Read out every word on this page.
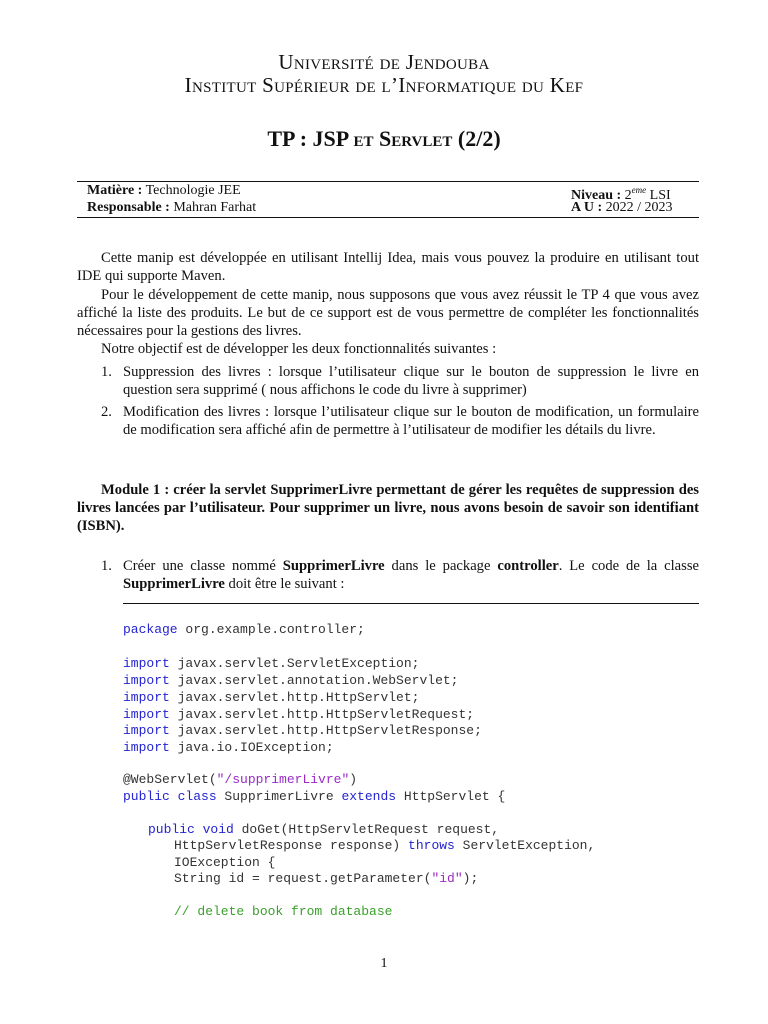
Université de Jendouba
Institut Supérieur de l’Informatique du Kef
TP : JSP et Servlet (2/2)
Matière : Technologie JEE	Niveau : 2eme LSI
Responsable : Mahran Farhat	A U : 2022 / 2023
Cette manip est développée en utilisant Intellij Idea, mais vous pouvez la produire en utilisant tout IDE qui supporte Maven.
Pour le développement de cette manip, nous supposons que vous avez réussit le TP 4 que vous avez affiché la liste des produits. Le but de ce support est de vous permettre de compléter les fonctionnalités nécessaires pour la gestions des livres.
Notre objectif est de développer les deux fonctionnalités suivantes :
1. Suppression des livres : lorsque l’utilisateur clique sur le bouton de suppression le livre en question sera supprimé ( nous affichons le code du livre à supprimer)
2. Modification des livres : lorsque l’utilisateur clique sur le bouton de modification, un formulaire de modification sera affiché afin de permettre à l’utilisateur de modifier les détails du livre.
Module 1 : créer la servlet SupprimerLivre permettant de gérer les requêtes de suppression des livres lancées par l’utilisateur. Pour supprimer un livre, nous avons besoin de savoir son identifiant (ISBN).
1. Créer une classe nommé SupprimerLivre dans le package controller. Le code de la classe SupprimerLivre doit être le suivant :
package org.example.controller;
import javax.servlet.ServletException;
import javax.servlet.annotation.WebServlet;
import javax.servlet.http.HttpServlet;
import javax.servlet.http.HttpServletRequest;
import javax.servlet.http.HttpServletResponse;
import java.io.IOException;
@WebServlet("/supprimerLivre")
public class SupprimerLivre extends HttpServlet {
public void doGet(HttpServletRequest request,
HttpServletResponse response) throws ServletException,
IOException {
String id = request.getParameter("id");
// delete book from database
1
